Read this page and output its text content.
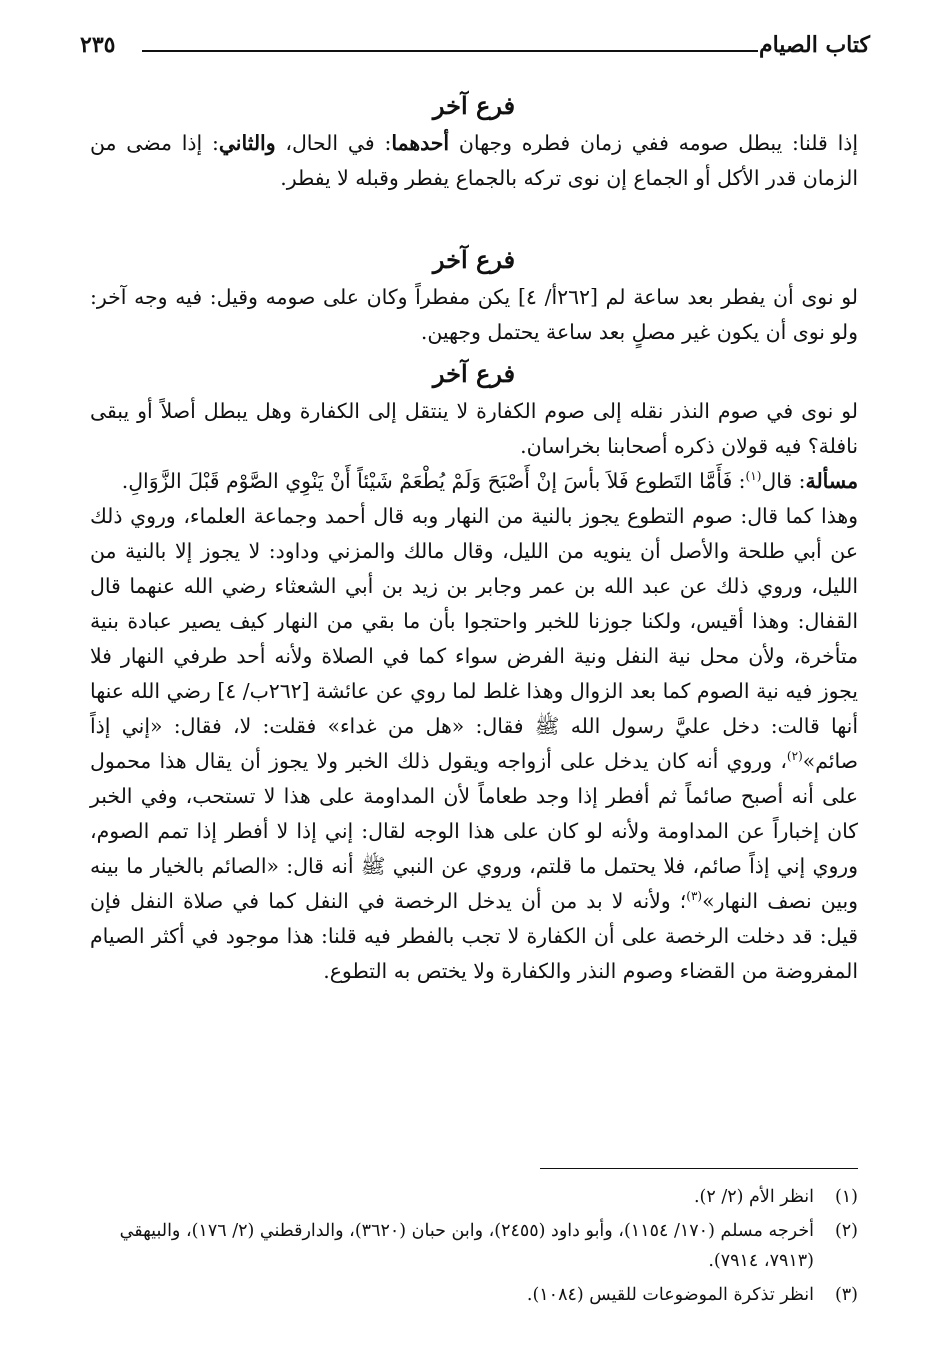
كتاب الصيام
٢٣٥

فرع آخر

إذا قلنا: يبطل صومه ففي زمان فطره وجهان أحدهما: في الحال، والثاني: إذا مضى من الزمان قدر الأكل أو الجماع إن نوى تركه بالجماع يفطر وقبله لا يفطر.

فرع آخر

لو نوى أن يفطر بعد ساعة لم [٢٦٢أ/ ٤] يكن مفطراً وكان على صومه وقيل: فيه وجه آخر: ولو نوى أن يكون غير مصلٍ بعد ساعة يحتمل وجهين.

فرع آخر

لو نوى في صوم النذر نقله إلى صوم الكفارة لا ينتقل إلى الكفارة وهل يبطل أصلاً أو يبقى نافلة؟ فيه قولان ذكره أصحابنا بخراسان.

مسألة: قال$^{(١)}$: فَأَمَّا التَطوع فَلاَ بأسَ إنْ أَصْبَحَ وَلَمْ يُطْعَمْ شَيْئاً أَنْ يَنْوِي الصَّوْم قَبْلَ الزَّوَالِ.

وهذا كما قال: صوم التطوع يجوز بالنية من النهار وبه قال أحمد وجماعة العلماء، وروي ذلك عن أبي طلحة والأصل أن ينويه من الليل، وقال مالك والمزني وداود: لا يجوز إلا بالنية من الليل، وروي ذلك عن عبد الله بن عمر وجابر بن زيد بن أبي الشعثاء رضي الله عنهما قال القفال: وهذا أقيس، ولكنا جوزنا للخبر واحتجوا بأن ما بقي من النهار كيف يصير عبادة بنية متأخرة، ولأن محل نية النفل ونية الفرض سواء كما في الصلاة ولأنه أحد طرفي النهار فلا يجوز فيه نية الصوم كما بعد الزوال وهذا غلط لما روي عن عائشة [٢٦٢ب/ ٤] رضي الله عنها أنها قالت: دخل عليَّ رسول الله ﷺ فقال: «هل من غداء» فقلت: لا، فقال: «إني إذاً صائم»$^{(٢)}$، وروي أنه كان يدخل على أزواجه ويقول ذلك الخبر ولا يجوز أن يقال هذا محمول على أنه أصبح صائماً ثم أفطر إذا وجد طعاماً لأن المداومة على هذا لا تستحب، وفي الخبر كان إخباراً عن المداومة ولأنه لو كان على هذا الوجه لقال: إني إذا لا أفطر إذا تمم الصوم، وروي إني إذاً صائم، فلا يحتمل ما قلتم، وروي عن النبي ﷺ أنه قال: «الصائم بالخيار ما بينه وبين نصف النهار»$^{(٣)}$؛ ولأنه لا بد من أن يدخل الرخصة في النفل كما في صلاة النفل فإن قيل: قد دخلت الرخصة على أن الكفارة لا تجب بالفطر فيه قلنا: هذا موجود في أكثر الصيام المفروضة من القضاء وصوم النذر والكفارة ولا يختص به التطوع.

(١)
انظر الأم (٢/ ٢).
(٢)
أخرجه مسلم (١٧٠/ ١١٥٤)، وأبو داود (٢٤٥٥)، وابن حبان (٣٦٢٠)، والدارقطني (٢/ ١٧٦)، والبيهقي (٧٩١٣، ٧٩١٤).
(٣)
انظر تذكرة الموضوعات للقيس (١٠٨٤).
